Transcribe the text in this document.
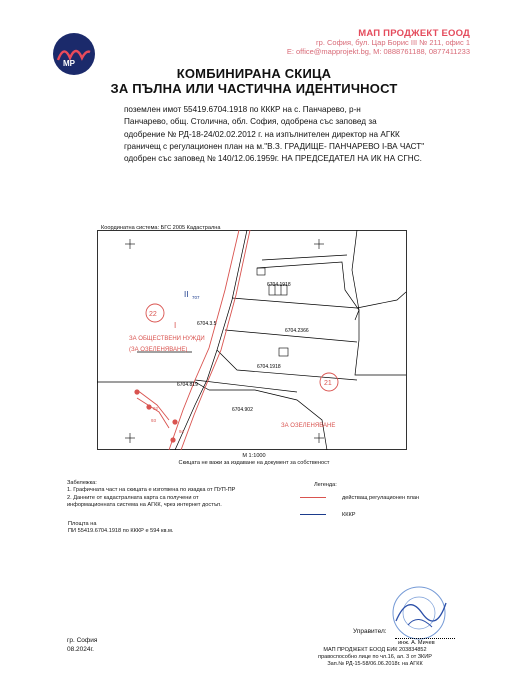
MP
МАП ПРОДЖЕКТ ЕООД
гр. София, бул. Цар Борис III № 211, офис 1
E: office@mapprojekt.bg, М: 0888761188, 0877411233
КОМБИНИРАНА СКИЦА
ЗА ПЪЛНА ИЛИ ЧАСТИЧНА ИДЕНТИЧНОСТ
поземлен имот 55419.6704.1918 по КККР на с. Панчарево, р-н
Панчарево, общ. Столична, обл. София, одобрена със заповед за
одобрение № РД-18-24/02.02.2012 г. на изпълнителен директор на АГКК
граничещ с регулационен план на м."В.З. ГРАДИЩЕ- ПАНЧАРЕВО I-ВА ЧАСТ"
одобрен със заповед № 140/12.06.1959г. НА ПРЕДСЕДАТЕЛ НА ИК НА СГНС.
Координатна система: БГС 2005 Кадастрална
II 707
22
I
ЗА ОБЩЕСТВЕНИ НУЖДИ
(ЗА ОЗЕЛЕНЯВАНЕ)
21
ЗА ОЗЕЛЕНЯВАНЕ
6704.1918
6704.2366
6704.1918
6704.819
6704.902
6704.3.5
92
93
94
М 1:1000
Скицата не важи за издаване на документ за собственост
Забележка:
1. Графичната част на скицата е изготвена по изадка от ПУП-ПР
2. Данните от кадастралната карта са получени от
информационната система на АГКК, чрез интернет достъп.
Легенда:
действащ регулационен план
КККР
Площта на
ПИ 55419.6704.1918 по КККР е 594 кв.м.
гр. София
08.2024г.
Управител:
инж. А. Мичев
МАП ПРОДЖЕКТ ЕООД ЕИК 203834852
правоспособно лице по чл.16, ал. 3 от ЗКИР
Зап.№ РД-15-58/06.06.2018г. на АГКК
